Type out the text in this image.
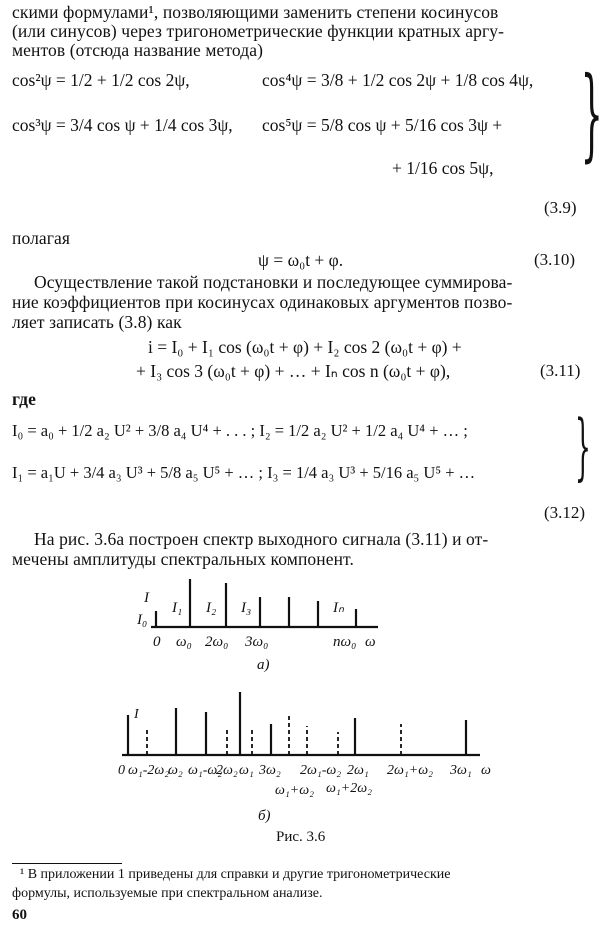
скими формулами¹, позволяющими заменить степени косинусов
(или синусов) через тригонометрические функции кратных аргу-
ментов (отсюда название метода)
cos²ψ = 1/2 + 1/2 cos 2ψ,	cos⁴ψ = 3/8 + 1/2 cos 2ψ + 1/8 cos 4ψ,
cos³ψ = 3/4 cos ψ + 1/4 cos 3ψ, cos⁵ψ = 5/8 cos ψ + 5/16 cos 3ψ +
+ 1/16 cos 5ψ, }
(3.9)
полагая
ψ = ω₀t + φ.	(3.10)
Осуществление такой подстановки и последующее суммирова-
ние коэффициентов при косинусах одинаковых аргументов позво-
ляет записать (3.8) как
i = I₀ + I₁ cos (ω₀t + φ) + I₂ cos 2 (ω₀t + φ) +
+ I₃ cos 3 (ω₀t + φ) + … + Iₙ cos n (ω₀t + φ),	(3.11)
где
I₀ = a₀ + 1/2 a₂ U² + 3/8 a₄ U⁴ + . . . ; I₂ = 1/2 a₂ U² + 1/2 a₄ U⁴ + … ;
I₁ = a₁U + 3/4 a₃ U³ + 5/8 a₅ U⁵ + … ; I₃ = 1/4 a₃ U³ + 5/16 a₅ U⁵ + … }
(3.12)
На рис. 3.6а построен спектр выходного сигнала (3.11) и от-
мечены амплитуды спектральных компонент.
I
I₀
I₁ I₂ I₃	Iₙ
0 ω₀ 2ω₀ 3ω₀	nω₀ ω
а)
I
0 ω₁-2ω₂
ω₂ ω₁-ω₂
2ω₂ ω₁ 3ω₂ 2ω₁-ω₂ 2ω₁ 2ω₁+ω₂ 3ω₁ ω
ω₁+ω₂ ω₁+2ω₂
б)
Рис. 3.6
¹ В приложении 1 приведены для справки и другие тригонометрические
формулы, используемые при спектральном анализе.
60
